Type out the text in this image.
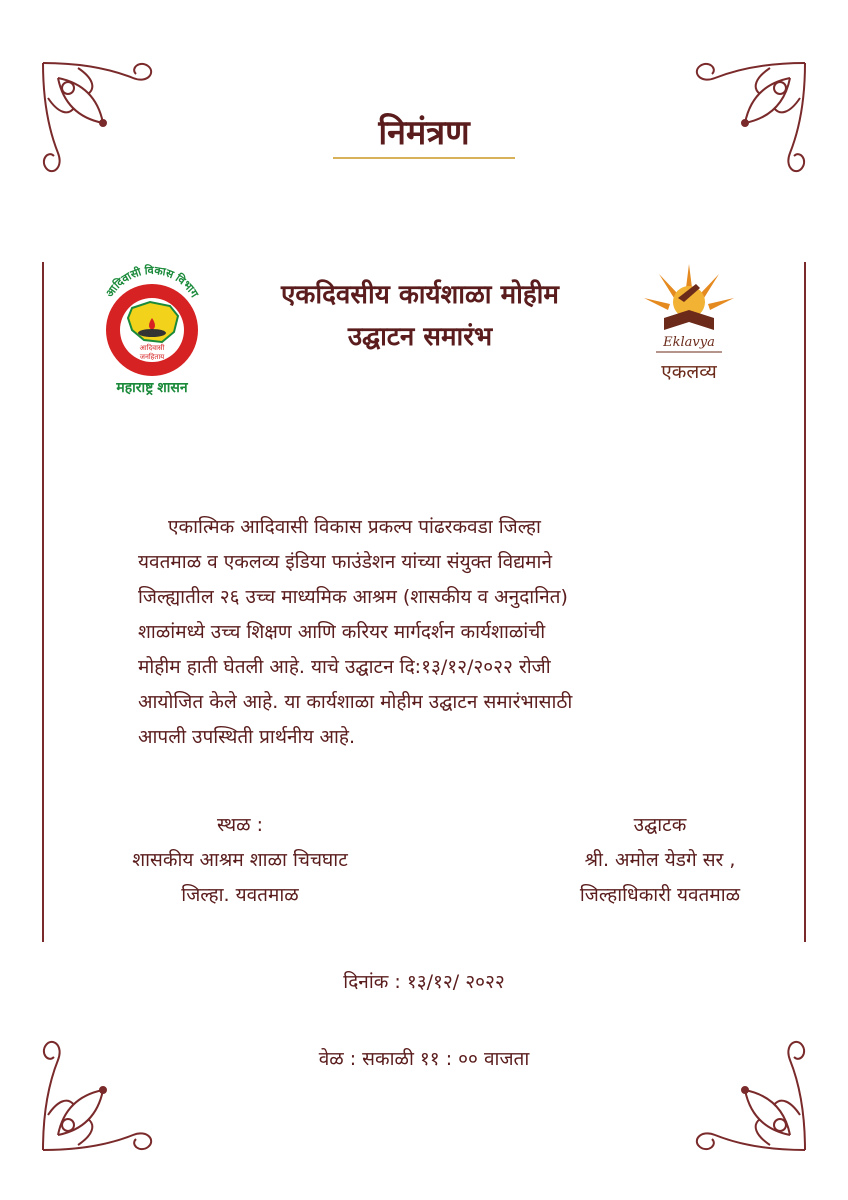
निमंत्रण
आदिवासी विकास विभाग
आदिवासी
जनहिताय
महाराष्ट्र शासन
एकदिवसीय कार्यशाळा मोहीम
उद्घाटन समारंभ	Eklavya
एकलव्य
एकात्मिक आदिवासी विकास प्रकल्प पांढरकवडा जिल्हा
यवतमाळ व एकलव्य इंडिया फाउंडेशन यांच्या संयुक्त विद्यमाने
जिल्ह्यातील २६ उच्च माध्यमिक आश्रम (शासकीय व अनुदानित)
शाळांमध्ये उच्च शिक्षण आणि करियर मार्गदर्शन कार्यशाळांची
मोहीम हाती घेतली आहे. याचे उद्घाटन दि:१३/१२/२०२२ रोजी
आयोजित केले आहे. या कार्यशाळा मोहीम उद्घाटन समारंभासाठी
आपली उपस्थिती प्रार्थनीय आहे.
स्थळ :
शासकीय आश्रम शाळा चिचघाट
जिल्हा. यवतमाळ
उद्घाटक
श्री. अमोल येडगे सर ,
जिल्हाधिकारी यवतमाळ
दिनांक : १३/१२/ २०२२
वेळ : सकाळी ११ : ०० वाजता
